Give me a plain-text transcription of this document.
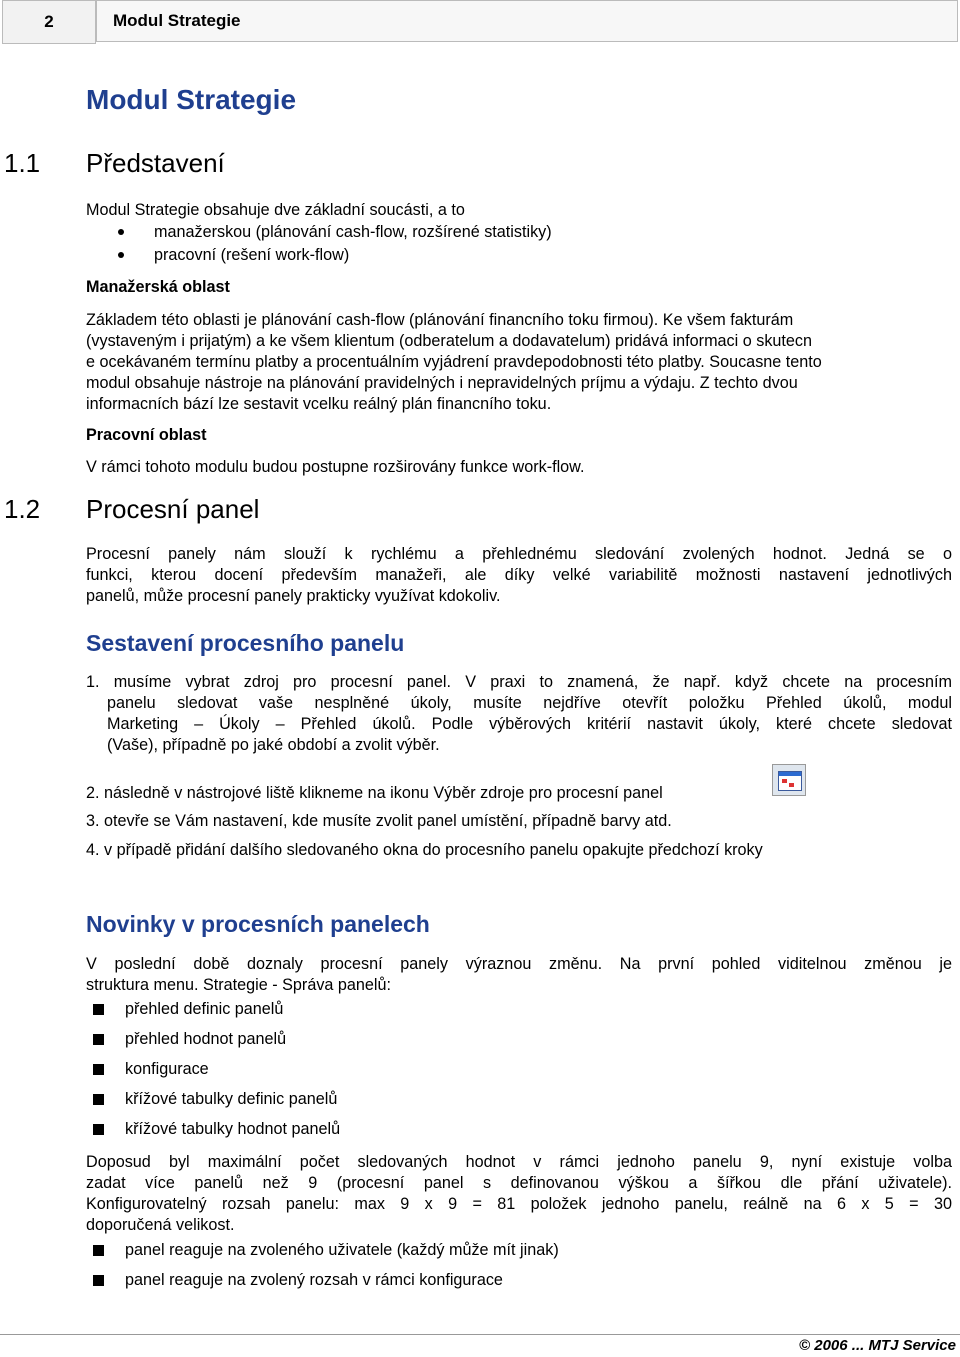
2	Modul Strategie
Modul Strategie
1.1 Představení
Modul Strategie obsahuje dve základní soucásti, a to
manažerskou (plánování cash-flow, rozšírené statistiky)
pracovní (rešení work-flow)
Manažerská oblast
Základem této oblasti je plánování cash-flow (plánování financního toku firmou). Ke všem fakturám
(vystaveným i prijatým) a ke všem klientum (odberatelum a dodavatelum) pridává informaci o skutecn
e ocekávaném termínu platby a procentuálním vyjádrení pravdepodobnosti této platby. Soucasne tento
modul obsahuje nástroje na plánování pravidelných i nepravidelných príjmu a výdaju. Z techto dvou
informacních bází lze sestavit vcelku reálný plán financního toku.
Pracovní oblast
V rámci tohoto modulu budou postupne rozširovány funkce work-flow.
1.2 Procesní panel
Procesní panely nám slouží k rychlému a přehlednému sledování zvolených hodnot. Jedná se o
funkci, kterou docení především manažeři, ale díky velké variabilitě možnosti nastavení jednotlivých
panelů, může procesní panely prakticky využívat kdokoliv.
Sestavení procesního panelu
1. musíme vybrat zdroj pro procesní panel. V praxi to znamená, že např. když chcete na procesním
panelu sledovat vaše nesplněné úkoly, musíte nejdříve otevřít položku Přehled úkolů, modul
Marketing – Úkoly – Přehled úkolů. Podle výběrových kritérií nastavit úkoly, které chcete sledovat
(Vaše), případně po jaké období a zvolit výběr.
2. následně v nástrojové liště klikneme na ikonu Výběr zdroje pro procesní panel
3. otevře se Vám nastavení, kde musíte zvolit panel umístění, případně barvy atd.
4. v případě přidání dalšího sledovaného okna do procesního panelu opakujte předchozí kroky
Novinky v procesních panelech
V poslední době doznaly procesní panely výraznou změnu. Na první pohled viditelnou změnou je
struktura menu. Strategie - Správa panelů:
přehled definic panelů
přehled hodnot panelů
konfigurace
křížové tabulky definic panelů
křížové tabulky hodnot panelů
Doposud byl maximální počet sledovaných hodnot v rámci jednoho panelu 9, nyní existuje volba
zadat více panelů než 9 (procesní panel s definovanou výškou a šířkou dle přání uživatele).
Konfigurovatelný rozsah panelu: max 9 x 9 = 81 položek jednoho panelu, reálně na 6 x 5 = 30
doporučená velikost.
panel reaguje na zvoleného uživatele (každý může mít jinak)
panel reaguje na zvolený rozsah v rámci konfigurace
© 2006 ... MTJ Service
